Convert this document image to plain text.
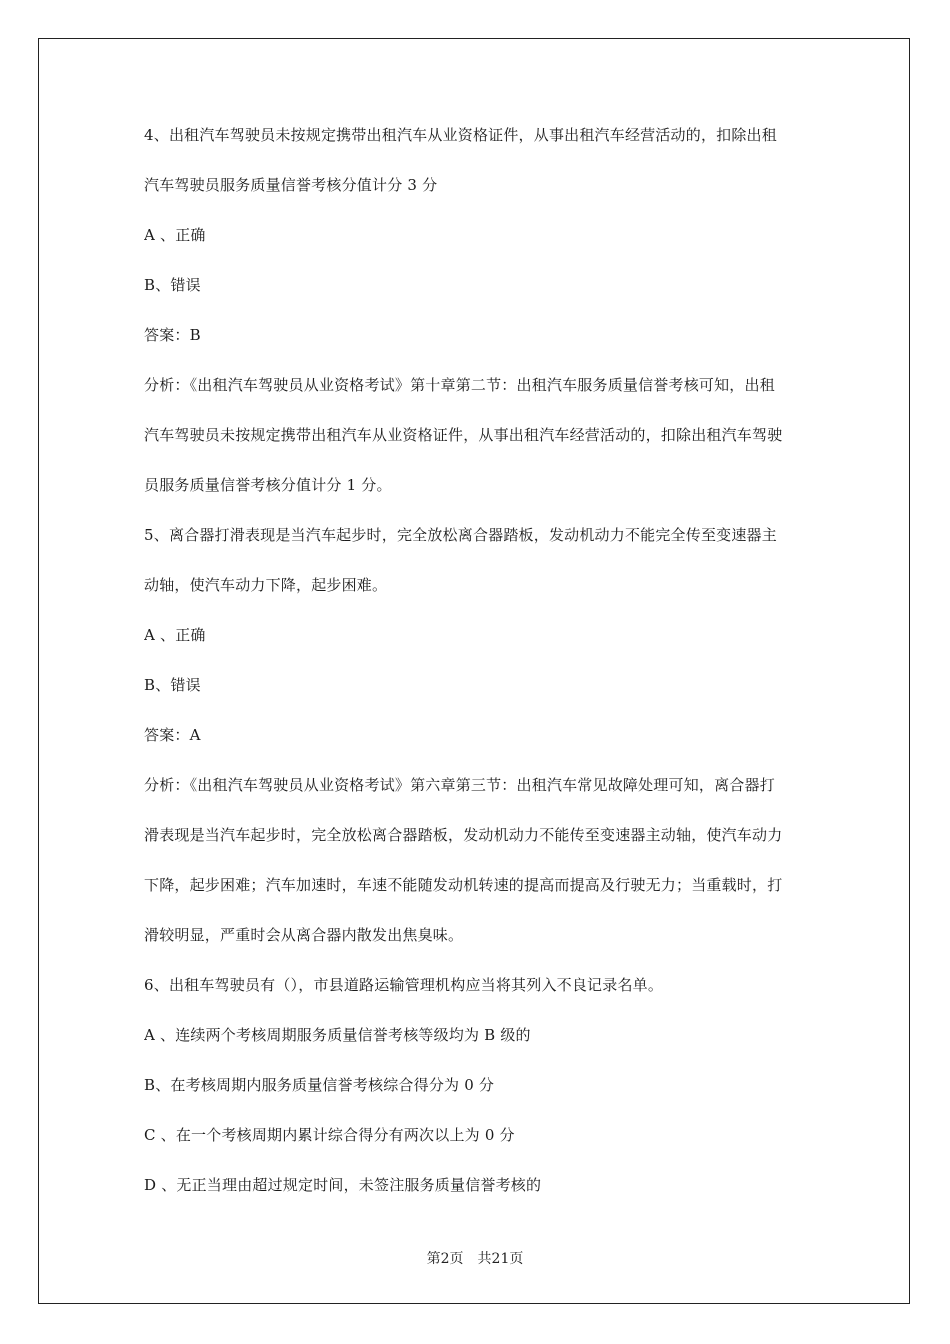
4、出租汽车驾驶员未按规定携带出租汽车从业资格证件，从事出租汽车经营活动的，扣除出租
汽车驾驶员服务质量信誉考核分值计分 3 分
A 、正确
B、错误
答案：B
分析：《出租汽车驾驶员从业资格考试》第十章第二节：出租汽车服务质量信誉考核可知，出租
汽车驾驶员未按规定携带出租汽车从业资格证件，从事出租汽车经营活动的，扣除出租汽车驾驶
员服务质量信誉考核分值计分 1 分。
5、离合器打滑表现是当汽车起步时，完全放松离合器踏板，发动机动力不能完全传至变速器主
动轴，使汽车动力下降，起步困难。
A 、正确
B、错误
答案：A
分析：《出租汽车驾驶员从业资格考试》第六章第三节：出租汽车常见故障处理可知，离合器打
滑表现是当汽车起步时，完全放松离合器踏板，发动机动力不能传至变速器主动轴，使汽车动力
下降，起步困难；汽车加速时，车速不能随发动机转速的提高而提高及行驶无力；当重载时，打
滑较明显，严重时会从离合器内散发出焦臭味。
6、出租车驾驶员有（），市县道路运输管理机构应当将其列入不良记录名单。
A 、连续两个考核周期服务质量信誉考核等级均为 B 级的
B、在考核周期内服务质量信誉考核综合得分为 0 分
C 、在一个考核周期内累计综合得分有两次以上为 0 分
D 、无正当理由超过规定时间，未签注服务质量信誉考核的
第2页　共21页
